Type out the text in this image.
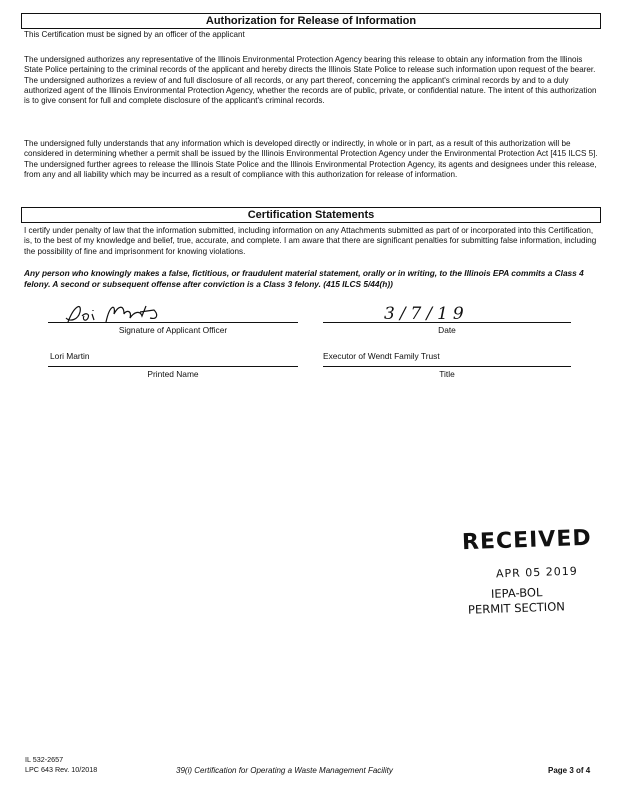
Authorization for Release of Information

This Certification must be signed by an officer of the applicant

The undersigned authorizes any representative of the Illinois Environmental Protection Agency bearing this release to obtain any information from the Illinois State Police pertaining to the criminal records of the applicant and hereby directs the Illinois State Police to release such information upon request of the bearer. The undersigned authorizes a review of and full disclosure of all records, or any part thereof, concerning the applicant's criminal records by and to a duly authorized agent of the Illinois Environmental Protection Agency, whether the records are of public, private, or confidential nature. The intent of this authorization is to give consent for full and complete disclosure of the applicant's criminal records.

The undersigned fully understands that any information which is developed directly or indirectly, in whole or in part, as a result of this authorization will be considered in determining whether a permit shall be issued by the Illinois Environmental Protection Agency under the Environmental Protection Act [415 ILCS 5]. The undersigned further agrees to release the Illinois State Police and the Illinois Environmental Protection Agency, its agents and designees under this release, from any and all liability which may be incurred as a result of compliance with this authorization for release of information.

Certification Statements

I certify under penalty of law that the information submitted, including information on any Attachments submitted as part of or incorporated into this Certification, is, to the best of my knowledge and belief, true, accurate, and complete. I am aware that there are significant penalties for submitting false information, including the possibility of fine and imprisonment for knowing violations.

Any person who knowingly makes a false, fictitious, or fraudulent material statement, orally or in writing, to the Illinois EPA commits a Class 4 felony. A second or subsequent offense after conviction is a Class 3 felony. (415 ILCS 5/44(h))

Signature of Applicant Officer
3/7/19
Date
Lori Martin
Printed Name
Executor of Wendt Family Trust
Title
RECEIVED
APR 05 2019
IEPA-BOL
PERMIT SECTION
IL 532-2657
LPC 643 Rev. 10/2018	39(i) Certification for Operating a Waste Management Facility	Page 3 of 4
